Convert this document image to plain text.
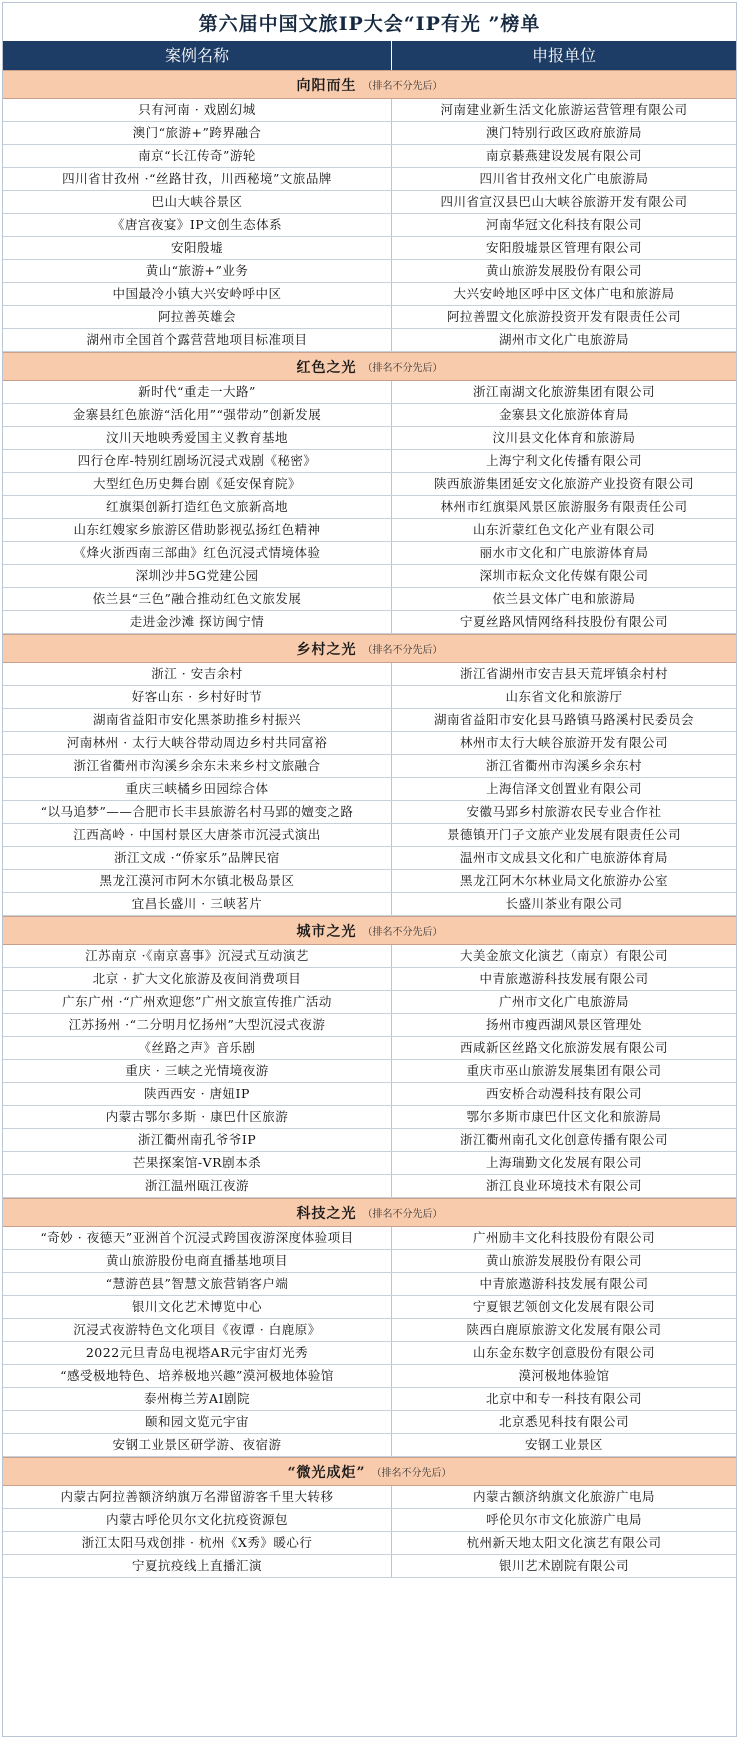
第六届中国文旅IP大会“IP有光 ”榜单
案例名称	申报单位
向阳而生 （排名不分先后）
只有河南 · 戏剧幻城	河南建业新生活文化旅游运营管理有限公司
澳门“旅游+”跨界融合	澳门特别行政区政府旅游局
南京“长江传奇”游轮	南京綦燕建设发展有限公司
四川省甘孜州 ·“丝路甘孜，川西秘境”文旅品牌	四川省甘孜州文化广电旅游局
巴山大峡谷景区	四川省宣汉县巴山大峡谷旅游开发有限公司
《唐宫夜宴》IP文创生态体系	河南华冠文化科技有限公司
安阳殷墟	安阳殷墟景区管理有限公司
黄山“旅游+”业务	黄山旅游发展股份有限公司
中国最冷小镇大兴安岭呼中区	大兴安岭地区呼中区文体广电和旅游局
阿拉善英雄会	阿拉善盟文化旅游投资开发有限责任公司
湖州市全国首个露营营地项目标准项目	湖州市文化广电旅游局
红色之光 （排名不分先后）
新时代“重走一大路”	浙江南湖文化旅游集团有限公司
金寨县红色旅游“活化用”“强带动”创新发展	金寨县文化旅游体育局
汶川天地映秀爱国主义教育基地	汶川县文化体育和旅游局
四行仓库-特别红剧场沉浸式戏剧《秘密》	上海宁利文化传播有限公司
大型红色历史舞台剧《延安保育院》	陕西旅游集团延安文化旅游产业投资有限公司
红旗渠创新打造红色文旅新高地	林州市红旗渠风景区旅游服务有限责任公司
山东红嫂家乡旅游区借助影视弘扬红色精神	山东沂蒙红色文化产业有限公司
《烽火浙西南三部曲》红色沉浸式情境体验	丽水市文化和广电旅游体育局
深圳沙井5G党建公园	深圳市耘众文化传媒有限公司
依兰县“三色”融合推动红色文旅发展	依兰县文体广电和旅游局
走进金沙滩 探访闽宁情	宁夏丝路风情网络科技股份有限公司
乡村之光 （排名不分先后）
浙江 · 安吉余村	浙江省湖州市安吉县天荒坪镇余村村
好客山东 · 乡村好时节	山东省文化和旅游厅
湖南省益阳市安化黑茶助推乡村振兴	湖南省益阳市安化县马路镇马路溪村民委员会
河南林州 · 太行大峡谷带动周边乡村共同富裕	林州市太行大峡谷旅游开发有限公司
浙江省衢州市沟溪乡余东未来乡村文旅融合	浙江省衢州市沟溪乡余东村
重庆三峡橘乡田园综合体	上海信泽文创置业有限公司
“以马追梦”——合肥市长丰县旅游名村马郢的嬗变之路	安徽马郢乡村旅游农民专业合作社
江西高岭 · 中国村景区大唐茶市沉浸式演出	景德镇开门子文旅产业发展有限责任公司
浙江文成 ·“侨家乐”品牌民宿	温州市文成县文化和广电旅游体育局
黑龙江漠河市阿木尔镇北极岛景区	黑龙江阿木尔林业局文化旅游办公室
宜昌长盛川 · 三峡茗片	长盛川茶业有限公司
城市之光 （排名不分先后）
江苏南京 ·《南京喜事》沉浸式互动演艺	大美金旅文化演艺（南京）有限公司
北京 · 扩大文化旅游及夜间消费项目	中青旅遨游科技发展有限公司
广东广州 ·“广州欢迎您”广州文旅宣传推广活动	广州市文化广电旅游局
江苏扬州 ·“二分明月忆扬州”大型沉浸式夜游	扬州市瘦西湖风景区管理处
《丝路之声》音乐剧	西咸新区丝路文化旅游发展有限公司
重庆 · 三峡之光情境夜游	重庆市巫山旅游发展集团有限公司
陕西西安 · 唐妞IP	西安桥合动漫科技有限公司
内蒙古鄂尔多斯 · 康巴什区旅游	鄂尔多斯市康巴什区文化和旅游局
浙江衢州南孔爷爷IP	浙江衢州南孔文化创意传播有限公司
芒果探案馆-VR剧本杀	上海瑞勤文化发展有限公司
浙江温州瓯江夜游	浙江良业环境技术有限公司
科技之光 （排名不分先后）
“奇妙 · 夜德天”亚洲首个沉浸式跨国夜游深度体验项目	广州励丰文化科技股份有限公司
黄山旅游股份电商直播基地项目	黄山旅游发展股份有限公司
“慧游芭县”智慧文旅营销客户端	中青旅遨游科技发展有限公司
银川文化艺术博览中心	宁夏银艺领创文化发展有限公司
沉浸式夜游特色文化项目《夜谭 · 白鹿原》	陕西白鹿原旅游文化发展有限公司
2022元旦青岛电视塔AR元宇宙灯光秀	山东金东数字创意股份有限公司
“感受极地特色、培养极地兴趣”漠河极地体验馆	漠河极地体验馆
泰州梅兰芳AI剧院	北京中和专一科技有限公司
颐和园文览元宇宙	北京悉见科技有限公司
安钢工业景区研学游、夜宿游	安钢工业景区
“微光成炬” （排名不分先后）
内蒙古阿拉善额济纳旗万名滞留游客千里大转移	内蒙古额济纳旗文化旅游广电局
内蒙古呼伦贝尔文化抗疫资源包	呼伦贝尔市文化旅游广电局
浙江太阳马戏创排 · 杭州《X秀》暖心行	杭州新天地太阳文化演艺有限公司
宁夏抗疫线上直播汇演	银川艺术剧院有限公司
